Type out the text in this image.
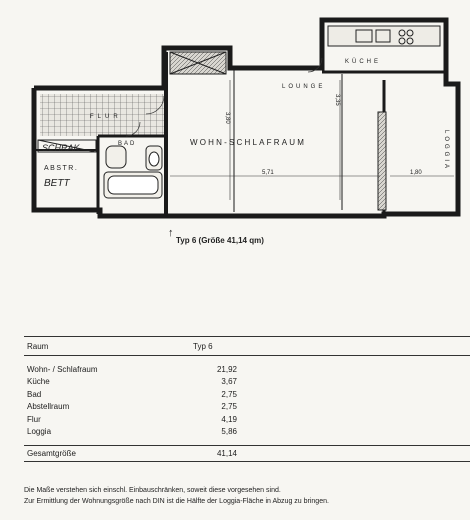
FLUR
BAD	WOHN-SCHLAFRAUM
LOUNGE
KÜCHE
LOGGIA
SCHRAK
ABSTR.
BETT
3,80
3,35
5,71	1,80
↑
Typ 6 (Größe 41,14 qm)
Raum	Typ 6	

Wohn- / Schlafraum	21,92	
Küche	3,67	
Bad	2,75	
Abstellraum	2,75	
Flur	4,19	
Loggia	5,86	

Gesamtgröße	41,14	
Die Maße verstehen sich einschl. Einbauschränken, soweit diese vorgesehen sind.
Zur Ermittlung der Wohnungsgröße nach DIN ist die Hälfte der Loggia-Fläche in Abzug zu bringen.
